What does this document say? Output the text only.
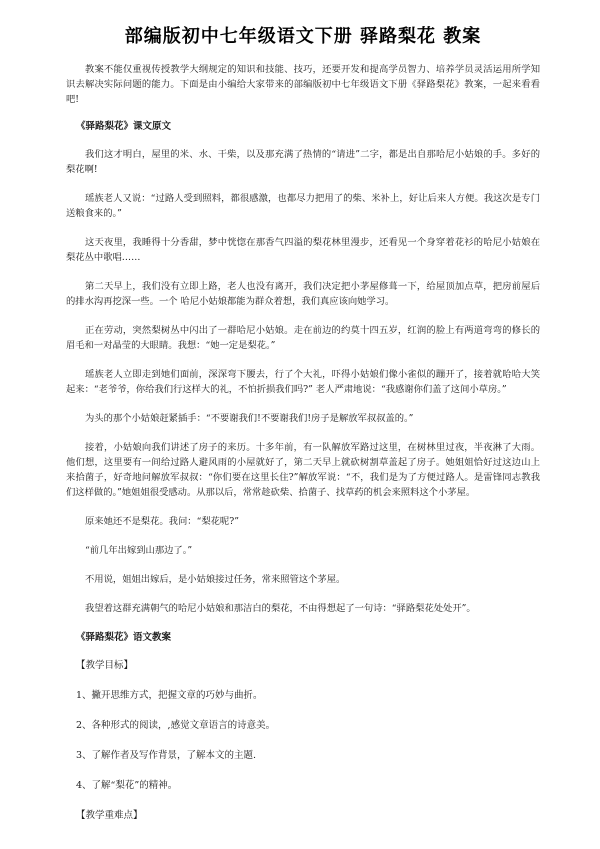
部编版初中七年级语文下册 驿路梨花 教案

教案不能仅重视传授教学大纲规定的知识和技能、技巧，还要开发和提高学员智力、培养学员灵活运用所学知识去解决实际问题的能力。下面是由小编给大家带来的部编版初中七年级语文下册《驿路梨花》教案，一起来看看吧!

《驿路梨花》课文原文

我们这才明白，屋里的米、水、干柴，以及那充满了热情的“请进”二字，都是出自那哈尼小姑娘的手。多好的梨花啊!

瑶族老人又说：“过路人受到照料，都很感激，也都尽力把用了的柴、米补上，好让后来人方便。我这次是专门送粮食来的。”

这天夜里，我睡得十分香甜，梦中恍惚在那香气四溢的梨花林里漫步，还看见一个身穿着花衫的哈尼小姑娘在梨花丛中歌唱……

第二天早上，我们没有立即上路，老人也没有离开，我们决定把小茅屋修葺一下，给屋顶加点草，把房前屋后的排水沟再挖深一些。一个 哈尼小姑娘都能为群众着想，我们真应该向她学习。

正在劳动，突然梨树丛中闪出了一群哈尼小姑娘。走在前边的约莫十四五岁，红润的脸上有两道弯弯的修长的眉毛和一对晶莹的大眼睛。我想：“她一定是梨花。”

瑶族老人立即走到她们面前，深深弯下腰去，行了个大礼，吓得小姑娘们像小雀似的蹦开了，接着就哈哈大笑起来：“老爷爷，你给我们行这样大的礼，不怕折损我们吗?” 老人严肃地说：“我感谢你们盖了这间小草房。”

为头的那个小姑娘赶紧插手：“不要谢我们!不要谢我们!房子是解放军叔叔盖的。”

接着，小姑娘向我们讲述了房子的来历。十多年前，有一队解放军路过这里，在树林里过夜，半夜淋了大雨。他们想，这里要有一间给过路人避风雨的小屋就好了，第二天早上就砍树割草盖起了房子。她姐姐恰好过这边山上来拾菌子，好奇地问解放军叔叔：“你们要在这里长住?”解放军说：“不，我们是为了方便过路人。是雷锋同志教我们这样做的。”她姐姐很受感动。从那以后，常常趁砍柴、拾菌子、找草药的机会来照料这个小茅屋。

原来她还不是梨花。我问：“梨花呢?”

“前几年出嫁到山那边了。”

不用说，姐姐出嫁后，是小姑娘接过任务，常来照管这个茅屋。

我望着这群充满朝气的哈尼小姑娘和那洁白的梨花，不由得想起了一句诗：“驿路梨花处处开”。

《驿路梨花》语文教案

【教学目标】

1、撇开思维方式，把握文章的巧妙与曲折。

2、各种形式的阅读，,感觉文章语言的诗意美。

3、了解作者及写作背景，了解本文的主题.

4、了解“梨花”的精神。

【教学重难点】
